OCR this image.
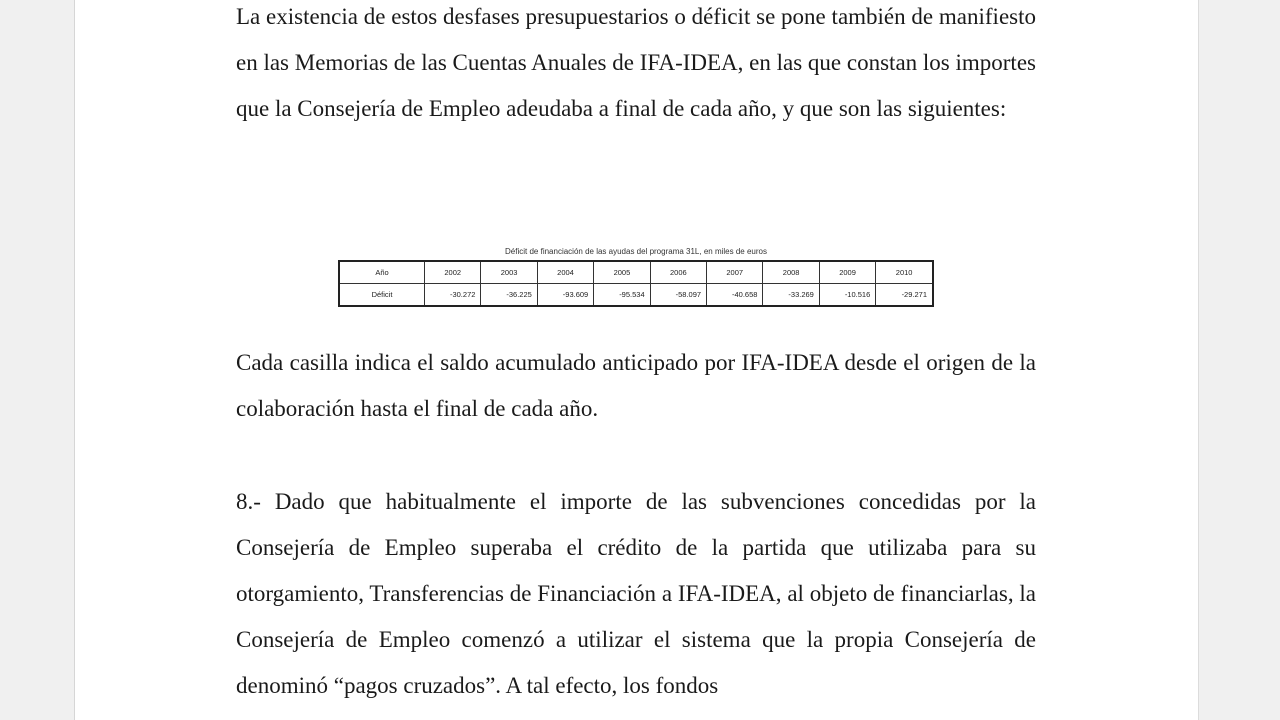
La existencia de estos desfases presupuestarios o déficit se pone también de manifiesto en las Memorias de las Cuentas Anuales de IFA-IDEA, en las que constan los importes que la Consejería de Empleo adeudaba a final de cada año, y que son las siguientes:

Déficit de financiación de las ayudas del programa 31L, en miles de euros
Año	2002	2003	2004	2005	2006	2007	2008	2009	2010
Déficit	-30.272	-36.225	-93.609	-95.534	-58.097	-40.658	-33.269	-10.516	-29.271

Cada casilla indica el saldo acumulado anticipado por IFA-IDEA desde el origen de la colaboración hasta el final de cada año.

8.- Dado que habitualmente el importe de las subvenciones concedidas por la Consejería de Empleo superaba el crédito de la partida que utilizaba para su otorgamiento, Transferencias de Financiación a IFA-IDEA, al objeto de financiarlas, la Consejería de Empleo comenzó a utilizar el sistema que la propia Consejería de denominó “pagos cruzados”. A tal efecto, los fondos
